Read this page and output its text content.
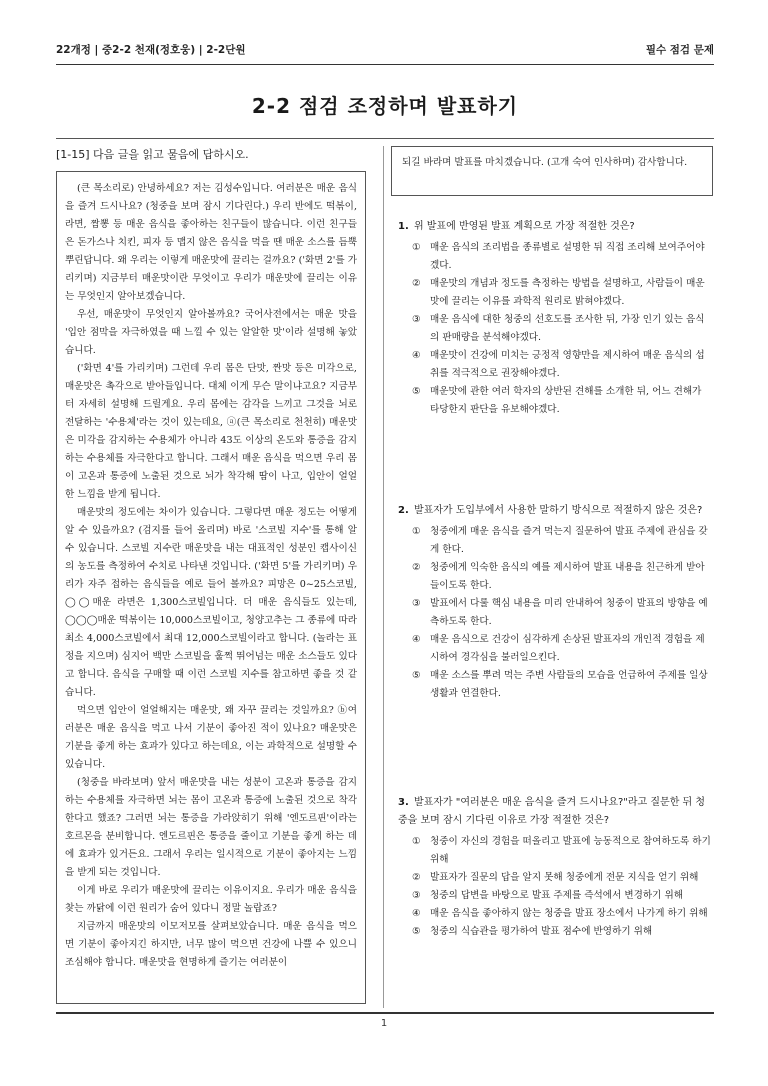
22개정 | 중2-2 천재(정호웅) | 2-2단원	필수 점검 문제
2-2 점검 조정하며 발표하기
[1-15] 다음 글을 읽고 물음에 답하시오.

(큰 목소리로) 안녕하세요? 저는 김성수입니다. 여러분은 매운 음식을 즐겨 드시나요? (청중을 보며 잠시 기다린다.) 우리 반에도 떡볶이, 라면, 짬뽕 등 매운 음식을 좋아하는 친구들이 많습니다. 이런 친구들은 돈가스나 치킨, 피자 등 맵지 않은 음식을 먹을 땐 매운 소스를 듬뿍 뿌린답니다. 왜 우리는 이렇게 매운맛에 끌리는 걸까요? ('화면 2'를 가리키며) 지금부터 매운맛이란 무엇이고 우리가 매운맛에 끌리는 이유는 무엇인지 알아보겠습니다.

우선, 매운맛이 무엇인지 알아볼까요? 국어사전에서는 매운 맛을 '입안 점막을 자극하였을 때 느낄 수 있는 알알한 맛'이라 설명해 놓았습니다.

('화면 4'를 가리키며) 그런데 우리 몸은 단맛, 짠맛 등은 미각으로, 매운맛은 촉각으로 받아들입니다. 대체 이게 무슨 말이냐고요? 지금부터 자세히 설명해 드릴게요. 우리 몸에는 감각을 느끼고 그것을 뇌로 전달하는 '수용체'라는 것이 있는데요, ⓐ(큰 목소리로 천천히) 매운맛은 미각을 감지하는 수용체가 아니라 43도 이상의 온도와 통증을 감지하는 수용체를 자극한다고 합니다. 그래서 매운 음식을 먹으면 우리 몸이 고온과 통증에 노출된 것으로 뇌가 착각해 땀이 나고, 입안이 얼얼한 느낌을 받게 됩니다.

매운맛의 정도에는 차이가 있습니다. 그렇다면 매운 정도는 어떻게 알 수 있을까요? (검지를 들어 올리며) 바로 '스코빌 지수'를 통해 알 수 있습니다. 스코빌 지수란 매운맛을 내는 대표적인 성분인 캡사이신의 농도를 측정하여 수치로 나타낸 것입니다. ('화면 5'를 가리키며) 우리가 자주 접하는 음식들을 예로 들어 볼까요? 피망은 0~25스코빌, ◯◯매운 라면은 1,300스코빌입니다. 더 매운 음식들도 있는데, ◯◯◯매운 떡볶이는 10,000스코빌이고, 청양고추는 그 종류에 따라 최소 4,000스코빌에서 최대 12,000스코빌이라고 합니다. (놀라는 표정을 지으며) 심지어 백만 스코빌을 훌쩍 뛰어넘는 매운 소스들도 있다고 합니다. 음식을 구매할 때 이런 스코빌 지수를 참고하면 좋을 것 같습니다.

먹으면 입안이 얼얼해지는 매운맛, 왜 자꾸 끌리는 것일까요? ⓑ여러분은 매운 음식을 먹고 나서 기분이 좋아진 적이 있나요? 매운맛은 기분을 좋게 하는 효과가 있다고 하는데요, 이는 과학적으로 설명할 수 있습니다.

(청중을 바라보며) 앞서 매운맛을 내는 성분이 고온과 통증을 감지하는 수용체를 자극하면 뇌는 몸이 고온과 통증에 노출된 것으로 착각한다고 했죠? 그러면 뇌는 통증을 가라앉히기 위해 '엔도르핀'이라는 호르몬을 분비합니다. 엔도르핀은 통증을 줄이고 기분을 좋게 하는 데에 효과가 있거든요. 그래서 우리는 일시적으로 기분이 좋아지는 느낌을 받게 되는 것입니다.

이게 바로 우리가 매운맛에 끌리는 이유이지요. 우리가 매운 음식을 찾는 까닭에 이런 원리가 숨어 있다니 정말 놀랍죠?

지금까지 매운맛의 이모저모를 살펴보았습니다. 매운 음식을 먹으면 기분이 좋아지긴 하지만, 너무 많이 먹으면 건강에 나쁠 수 있으니 조심해야 합니다. 매운맛을 현명하게 즐기는 여러분이

되길 바라며 발표를 마치겠습니다. (고개 숙여 인사하며) 감사합니다.
1. 위 발표에 반영된 발표 계획으로 가장 적절한 것은?
① 매운 음식의 조리법을 종류별로 설명한 뒤 직접 조리해 보여주어야겠다.
② 매운맛의 개념과 정도를 측정하는 방법을 설명하고, 사람들이 매운맛에 끌리는 이유를 과학적 원리로 밝혀야겠다.
③ 매운 음식에 대한 청중의 선호도를 조사한 뒤, 가장 인기 있는 음식의 판매량을 분석해야겠다.
④ 매운맛이 건강에 미치는 긍정적 영향만을 제시하여 매운 음식의 섭취를 적극적으로 권장해야겠다.
⑤ 매운맛에 관한 여러 학자의 상반된 견해를 소개한 뒤, 어느 견해가 타당한지 판단을 유보해야겠다.
2. 발표자가 도입부에서 사용한 말하기 방식으로 적절하지 않은 것은?
① 청중에게 매운 음식을 즐겨 먹는지 질문하여 발표 주제에 관심을 갖게 한다.
② 청중에게 익숙한 음식의 예를 제시하여 발표 내용을 친근하게 받아들이도록 한다.
③ 발표에서 다룰 핵심 내용을 미리 안내하여 청중이 발표의 방향을 예측하도록 한다.
④ 매운 음식으로 건강이 심각하게 손상된 발표자의 개인적 경험을 제시하여 경각심을 불러일으킨다.
⑤ 매운 소스를 뿌려 먹는 주변 사람들의 모습을 언급하여 주제를 일상생활과 연결한다.
3. 발표자가 "여러분은 매운 음식을 즐겨 드시나요?"라고 질문한 뒤 청중을 보며 잠시 기다린 이유로 가장 적절한 것은?
① 청중이 자신의 경험을 떠올리고 발표에 능동적으로 참여하도록 하기 위해
② 발표자가 질문의 답을 알지 못해 청중에게 전문 지식을 얻기 위해
③ 청중의 답변을 바탕으로 발표 주제를 즉석에서 변경하기 위해
④ 매운 음식을 좋아하지 않는 청중을 발표 장소에서 나가게 하기 위해
⑤ 청중의 식습관을 평가하여 발표 점수에 반영하기 위해
1
